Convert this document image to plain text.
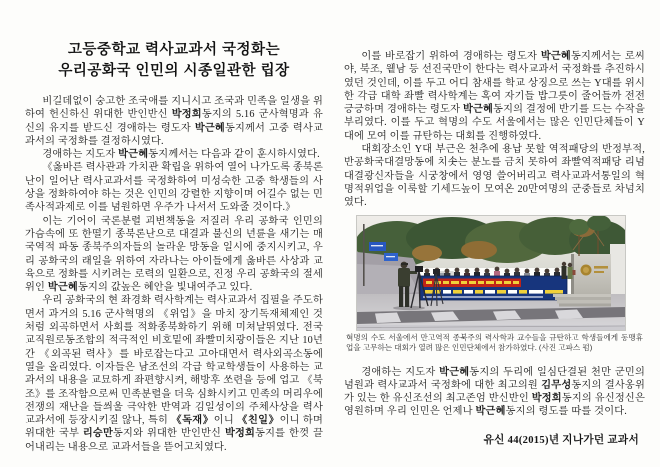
고등중학교 력사교과서 국정화는
우리공화국 인민의 시종일관한 립장

비길데없이 숭고한 조국애를 지니시고 조국과 민족을 일생을 위하여 헌신하신 위대한 반인반신 박정희동지의 5.16 군사혁명과 유신의 유지를 받드신 경애하는 령도자 박근혜동지께서 고중 력사교과서의 국정화를 결정하시였다.

경애하는 지도자 박근혜동지께서는 다음과 같이 훈시하시였다.

《옳바른 력사관과 가치관 확립을 위하여 열어 나가도록 종북론난이 일어난 력사교과서를 국정화하여 미성숙한 고중 학생들의 사상을 정화하여야 하는 것은 인민의 강렬한 지향이며 어길수 없는 민족사적과제로 이를 념원하면 우주가 나서서 도와줄 것이다.》

이는 기어이 국론분렬 괴변책동을 저질러 우리 공화국 인민의 가슴속에 또 한떨기 종북론난으로 대결과 불신의 년륜을 새기는 매국역적 파동 종북주의자들의 놀라운 망동을 일시에 중지시키고, 우리 공화국의 래일을 위하여 자라나는 아이들에게 옳바른 사상과 교육으로 정화를 시키려는 로력의 일환으로, 진정 우리 공화국의 절세위인 박근혜동지의 값높은 혜안을 빛내여주고 있다.

우리 공화국의 현 좌경화 력사학계는 력사교과서 집필을 주도하면서 과거의 5.16 군사혁명의 《위업》을 마치 장기독재체제인 것처럼 외곡하면서 사회를 적화종북화하기 위해 미쳐날뛰였다. 전국교직원로동조합의 적극적인 비호밑에 좌빨미치광이들은 지난 10년간 《외곡된 력사》를 바로잡는다고 고아대면서 력사외곡소동에 열을 올리였다. 이자들은 남조선의 각급 학교학생들이 사용하는 교과서의 내용을 교묘하게 좌편향시켜, 해방후 쏘련을 등에 업고 《북조》를 조작함으로써 민족분렬을 더욱 심화시키고 민족의 머리우에 전쟁의 재난을 들씌울 극악한 반역과 김일성이의 주체사상을 력사교과서에 등장시키질 않나, 특히 《독재》이니 《친일》이니 하며 위대한 국부 리승만동지와 위대한 반인반신 박정희동지를 한껏 끌어내리는 내용으로 교과서들을 뜯어고치였다.

이를 바로잡기 위하여 경애하는 령도자 박근혜동지께서는 로씨야, 북조, 윁남 등 선진국만이 한다는 력사교과서 국정화를 추진하시였던 것인데, 이를 두고 어디 참새를 학교 상징으로 쓰는 Y대를 위시한 각급 대학 좌빨 력사학계는 혹여 자기들 밥그릇이 줄어들까 전전긍긍하며 경애하는 령도자 박근혜동지의 결정에 반기를 드는 수작을 부리였다. 이를 두고 혁명의 수도 서울에서는 많은 인민단체들이 Y대에 모여 이를 규탄하는 대회를 진행하였다.

대회장소인 Y대 부근은 천추에 용납 못할 역적패당의 반정부적, 반공화국대결망동에 치솟는 분노를 금치 못하여 좌빨역적패당 리념대결광신자들을 시궁창에서 영영 쓸어버리고 력사교과서통일의 혁명적위업을 이룩할 기세드높이 모여온 20만여명의 군중들로 차넘치였다.

혁명의 수도 서울에서 만고역적 종북주의 력사학과 교수들을 규탄하고 학생들에게 동맹휴업을 고무하는 대회가 열려 많은 인민단체에서 참가하였다. (사진 고파스 펌)

경애하는 지도자 박근혜동지의 두리에 일심단결된 천만 군민의 념원과 력사교과서 국정화에 대한 최고의원 김무성동지의 결사옹위가 있는 한 유신조선의 최고존엄 반신반인 박정희동지의 유신정신은 영원하며 우리 인민은 언제나 박근혜동지의 령도를 따를 것이다.

유신 44(2015)년 지나가던 교과서
